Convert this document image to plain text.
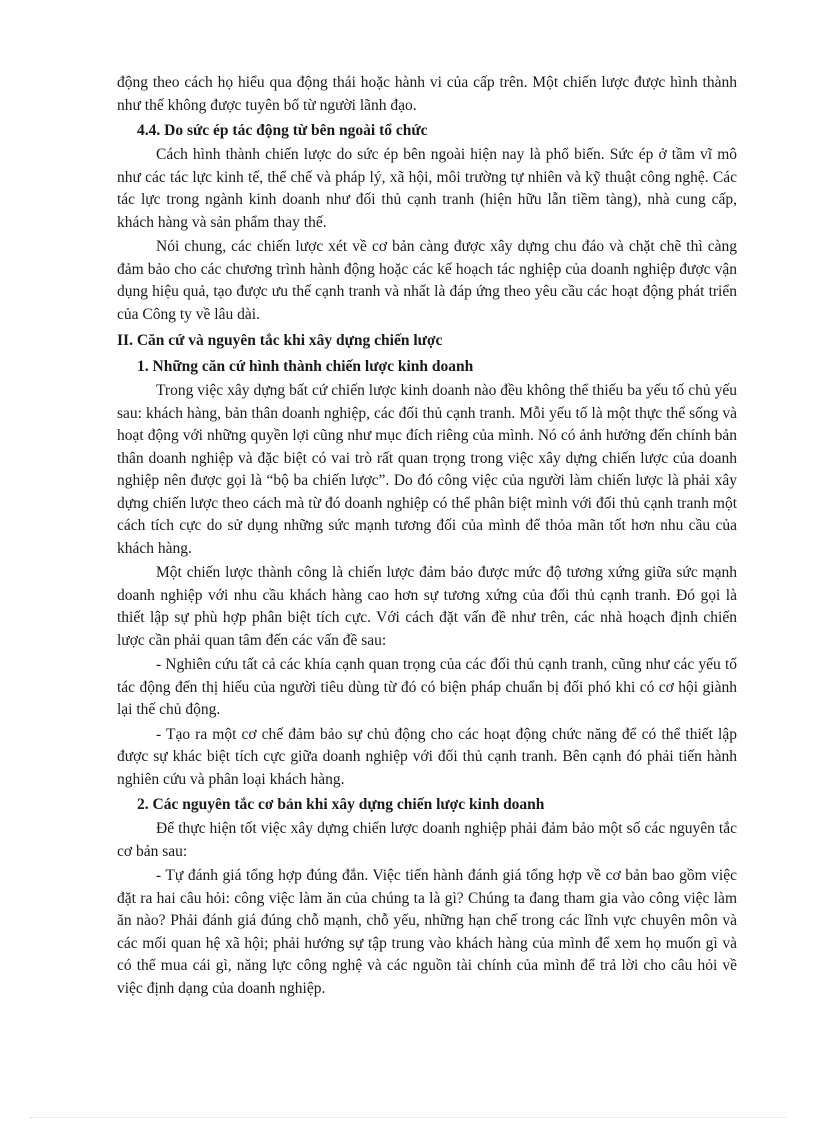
động theo cách họ hiểu qua động thái hoặc hành vi của cấp trên. Một chiến lược được hình thành như thế không được tuyên bố từ người lãnh đạo.

4.4. Do sức ép tác động từ bên ngoài tổ chức

Cách hình thành chiến lược do sức ép bên ngoài hiện nay là phổ biến. Sức ép ở tầm vĩ mô như các tác lực kinh tế, thể chế và pháp lý, xã hội, môi trường tự nhiên và kỹ thuật công nghệ. Các tác lực trong ngành kinh doanh như đối thủ cạnh tranh (hiện hữu lẫn tiềm tàng), nhà cung cấp, khách hàng và sản phẩm thay thế.

Nói chung, các chiến lược xét về cơ bản càng được xây dựng chu đáo và chặt chẽ thì càng đảm bảo cho các chương trình hành động hoặc các kế hoạch tác nghiệp của doanh nghiệp được vận dụng hiệu quả, tạo được ưu thế cạnh tranh và nhất là đáp ứng theo yêu cầu các hoạt động phát triển của Công ty về lâu dài.

II. Căn cứ và nguyên tắc khi xây dựng chiến lược

1. Những căn cứ hình thành chiến lược kinh doanh

Trong việc xây dựng bất cứ chiến lược kinh doanh nào đều không thể thiếu ba yếu tố chủ yếu sau: khách hàng, bản thân doanh nghiệp, các đối thủ cạnh tranh. Mỗi yếu tố là một thực thể sống và hoạt động với những quyền lợi cũng như mục đích riêng của mình. Nó có ảnh hưởng đến chính bản thân doanh nghiệp và đặc biệt có vai trò rất quan trọng trong việc xây dựng chiến lược của doanh nghiệp nên được gọi là “bộ ba chiến lược”. Do đó công việc của người làm chiến lược là phải xây dựng chiến lược theo cách mà từ đó doanh nghiệp có thể phân biệt mình với đối thủ cạnh tranh một cách tích cực do sử dụng những sức mạnh tương đối của mình để thỏa mãn tốt hơn nhu cầu của khách hàng.

Một chiến lược thành công là chiến lược đảm bảo được mức độ tương xứng giữa sức mạnh doanh nghiệp với nhu cầu khách hàng cao hơn sự tương xứng của đối thủ cạnh tranh. Đó gọi là thiết lập sự phù hợp phân biệt tích cực. Với cách đặt vấn đề như trên, các nhà hoạch định chiến lược cần phải quan tâm đến các vấn đề sau:

- Nghiên cứu tất cả các khía cạnh quan trọng của các đối thủ cạnh tranh, cũng như các yếu tố tác động đến thị hiếu của người tiêu dùng từ đó có biện pháp chuẩn bị đối phó khi có cơ hội giành lại thế chủ động.

- Tạo ra một cơ chế đảm bảo sự chủ động cho các hoạt động chức năng để có thể thiết lập được sự khác biệt tích cực giữa doanh nghiệp với đối thủ cạnh tranh. Bên cạnh đó phải tiến hành nghiên cứu và phân loại khách hàng.

2. Các nguyên tắc cơ bản khi xây dựng chiến lược kinh doanh

Để thực hiện tốt việc xây dựng chiến lược doanh nghiệp phải đảm bảo một số các nguyên tắc cơ bản sau:

- Tự đánh giá tổng hợp đúng đắn. Việc tiến hành đánh giá tổng hợp về cơ bản bao gồm việc đặt ra hai câu hỏi: công việc làm ăn của chúng ta là gì? Chúng ta đang tham gia vào công việc làm ăn nào? Phải đánh giá đúng chỗ mạnh, chỗ yếu, những hạn chế trong các lĩnh vực chuyên môn và các mối quan hệ xã hội; phải hướng sự tập trung vào khách hàng của mình để xem họ muốn gì và có thể mua cái gì, năng lực công nghệ và các nguồn tài chính của mình để trả lời cho câu hỏi về việc định dạng của doanh nghiệp.
